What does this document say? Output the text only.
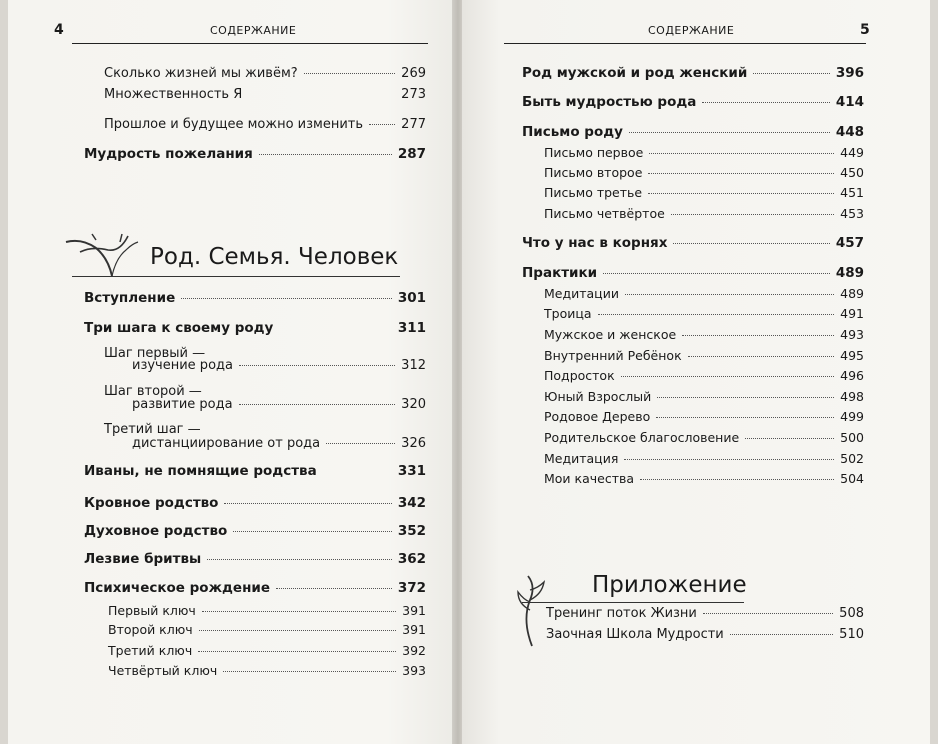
4	СОДЕРЖАНИЕ
Сколько жизней мы живём?	269
Множественность Я	273
Прошлое и будущее можно изменить	277
Мудрость пожелания	287
Род. Семья. Человек
Вступление	301
Три шага к своему роду	311
Шаг первый —
изучение рода	312
Шаг второй —
развитие рода	320
Третий шаг —
дистанциирование от рода	326
Иваны, не помнящие родства	331
Кровное родство	342
Духовное родство	352
Лезвие бритвы	362
Психическое рождение	372
Первый ключ	391
Второй ключ	391
Третий ключ	392
Четвёртый ключ	393
СОДЕРЖАНИЕ	5
Род мужской и род женский	396
Быть мудростью рода	414
Письмо роду	448
Письмо первое	449
Письмо второе	450
Письмо третье	451
Письмо четвёртое	453
Что у нас в корнях	457
Практики	489
Медитации	489
Троица	491
Мужское и женское	493
Внутренний Ребёнок	495
Подросток	496
Юный Взрослый	498
Родовое Дерево	499
Родительское благословение	500
Медитация	502
Мои качества	504
Приложение
Тренинг поток Жизни	508
Заочная Школа Мудрости	510
